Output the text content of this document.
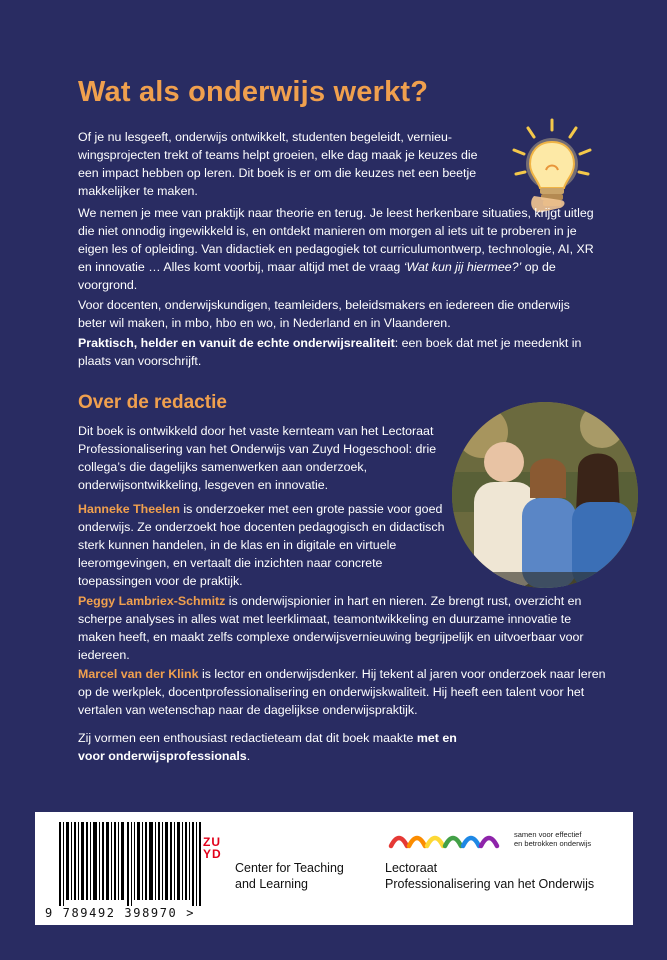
Wat als onderwijs werkt?
Of je nu lesgeeft, onderwijs ontwikkelt, studenten begeleidt, vernieu-wingsprojecten trekt of teams helpt groeien, elke dag maak je keuzes die een impact hebben op leren. Dit boek is er om die keuzes net een beetje makkelijker te maken.
We nemen je mee van praktijk naar theorie en terug. Je leest herkenbare situaties, krijgt uitleg die niet onnodig ingewikkeld is, en ontdekt manieren om morgen al iets uit te proberen in je eigen les of opleiding. Van didactiek en pedagogiek tot curriculumontwerp, technologie, AI, XR en innovatie … Alles komt voorbij, maar altijd met de vraag ‘Wat kun jij hiermee?’ op de voorgrond.
Voor docenten, onderwijskundigen, teamleiders, beleidsmakers en iedereen die onderwijs beter wil maken, in mbo, hbo en wo, in Nederland en in Vlaanderen.
Praktisch, helder en vanuit de echte onderwijsrealiteit: een boek dat met je meedenkt in plaats van voorschrijft.
Over de redactie
Dit boek is ontwikkeld door het vaste kernteam van het Lectoraat Professionalisering van het Onderwijs van Zuyd Hogeschool: drie collega’s die dagelijks samenwerken aan onderzoek, onderwijsontwikkeling, lesgeven en innovatie.
Hanneke Theelen is onderzoeker met een grote passie voor goed onderwijs. Ze onderzoekt hoe docenten pedagogisch en didactisch sterk kunnen handelen, in de klas en in digitale en virtuele leeromgevingen, en vertaalt die inzichten naar concrete toepassingen voor de praktijk.
Peggy Lambriex-Schmitz is onderwijspionier in hart en nieren. Ze brengt rust, overzicht en scherpe analyses in alles wat met leerklimaat, teamontwikkeling en duurzame innovatie te maken heeft, en maakt zelfs complexe onderwijsvernieuwing begrijpelijk en uitvoerbaar voor iedereen.
Marcel van der Klink is lector en onderwijsdenker. Hij tekent al jaren voor onderzoek naar leren op de werkplek, docentprofessionalisering en onderwijskwaliteit. Hij heeft een talent voor het vertalen van wetenschap naar de dagelijkse onderwijspraktijk.
Zij vormen een enthousiast redactieteam dat dit boek maakte met en voor onderwijsprofessionals.
9 789492 398970 >
ZU
YD
Center for Teaching
and Learning
samen voor effectief
en betrokken onderwijs
Lectoraat
Professionalisering van het Onderwijs
